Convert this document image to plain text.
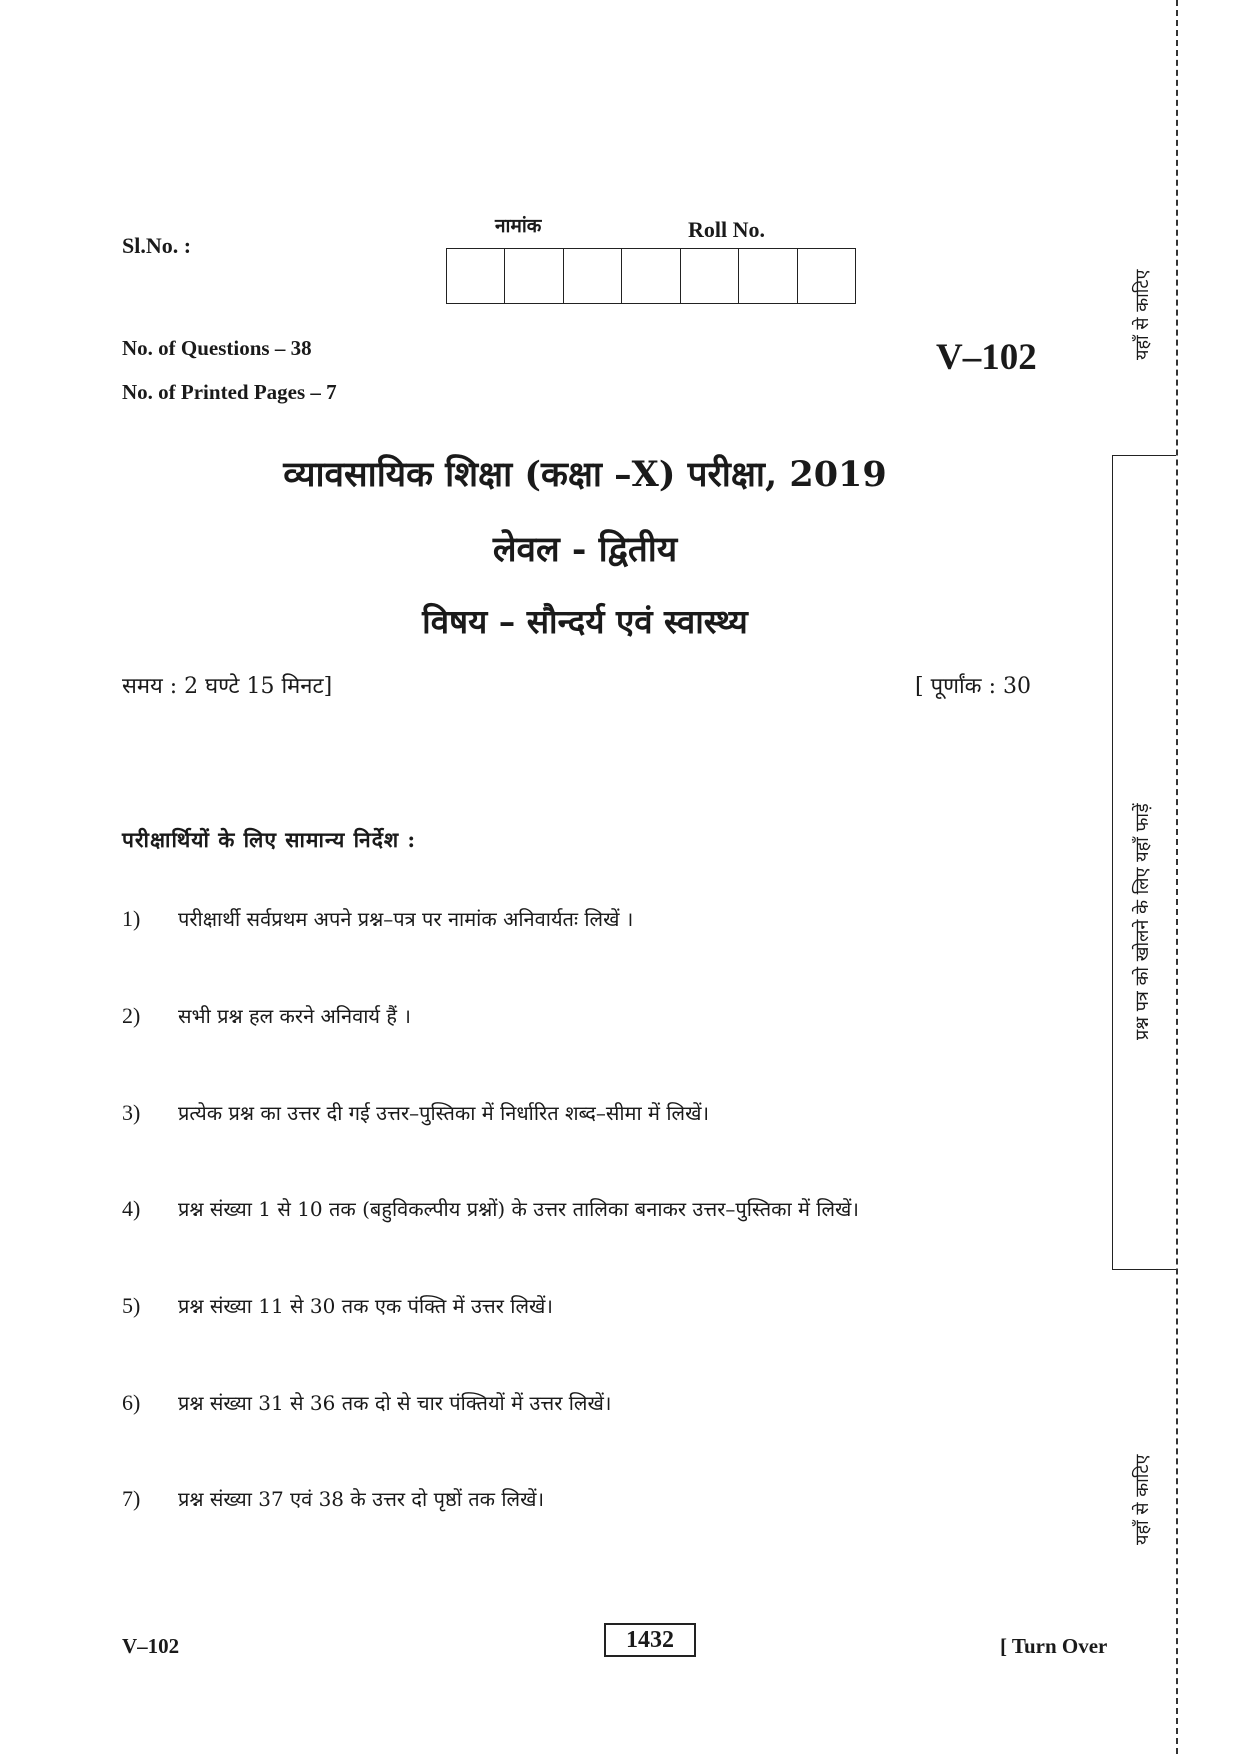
Sl.No. :
नामांक	Roll No.
No. of Questions – 38
No. of Printed Pages – 7
V–102
व्यावसायिक शिक्षा (कक्षा –X) परीक्षा, 2019
लेवल - द्वितीय
विषय – सौन्दर्य एवं स्वास्थ्य
समय : 2 घण्टे 15 मिनट]	[ पूर्णांक : 30
परीक्षार्थियों के लिए सामान्य निर्देश :
1) परीक्षार्थी सर्वप्रथम अपने प्रश्न–पत्र पर नामांक अनिवार्यतः लिखें ।
2) सभी प्रश्न हल करने अनिवार्य हैं ।
3) प्रत्येक प्रश्न का उत्तर दी गई उत्तर–पुस्तिका में निर्धारित शब्द–सीमा में लिखें।
4) प्रश्न संख्या 1 से 10 तक (बहुविकल्पीय प्रश्नों) के उत्तर तालिका बनाकर उत्तर–पुस्तिका में लिखें।
5) प्रश्न संख्या 11 से 30 तक एक पंक्ति में उत्तर लिखें।
6) प्रश्न संख्या 31 से 36 तक दो से चार पंक्तियों में उत्तर लिखें।
7) प्रश्न संख्या 37 एवं 38 के उत्तर दो पृष्ठों तक लिखें।
V–102	1432	[ Turn Over
यहाँ से काटिए
प्रश्न पत्र को खोलने के लिए यहाँ फाड़ें
यहाँ से काटिए
